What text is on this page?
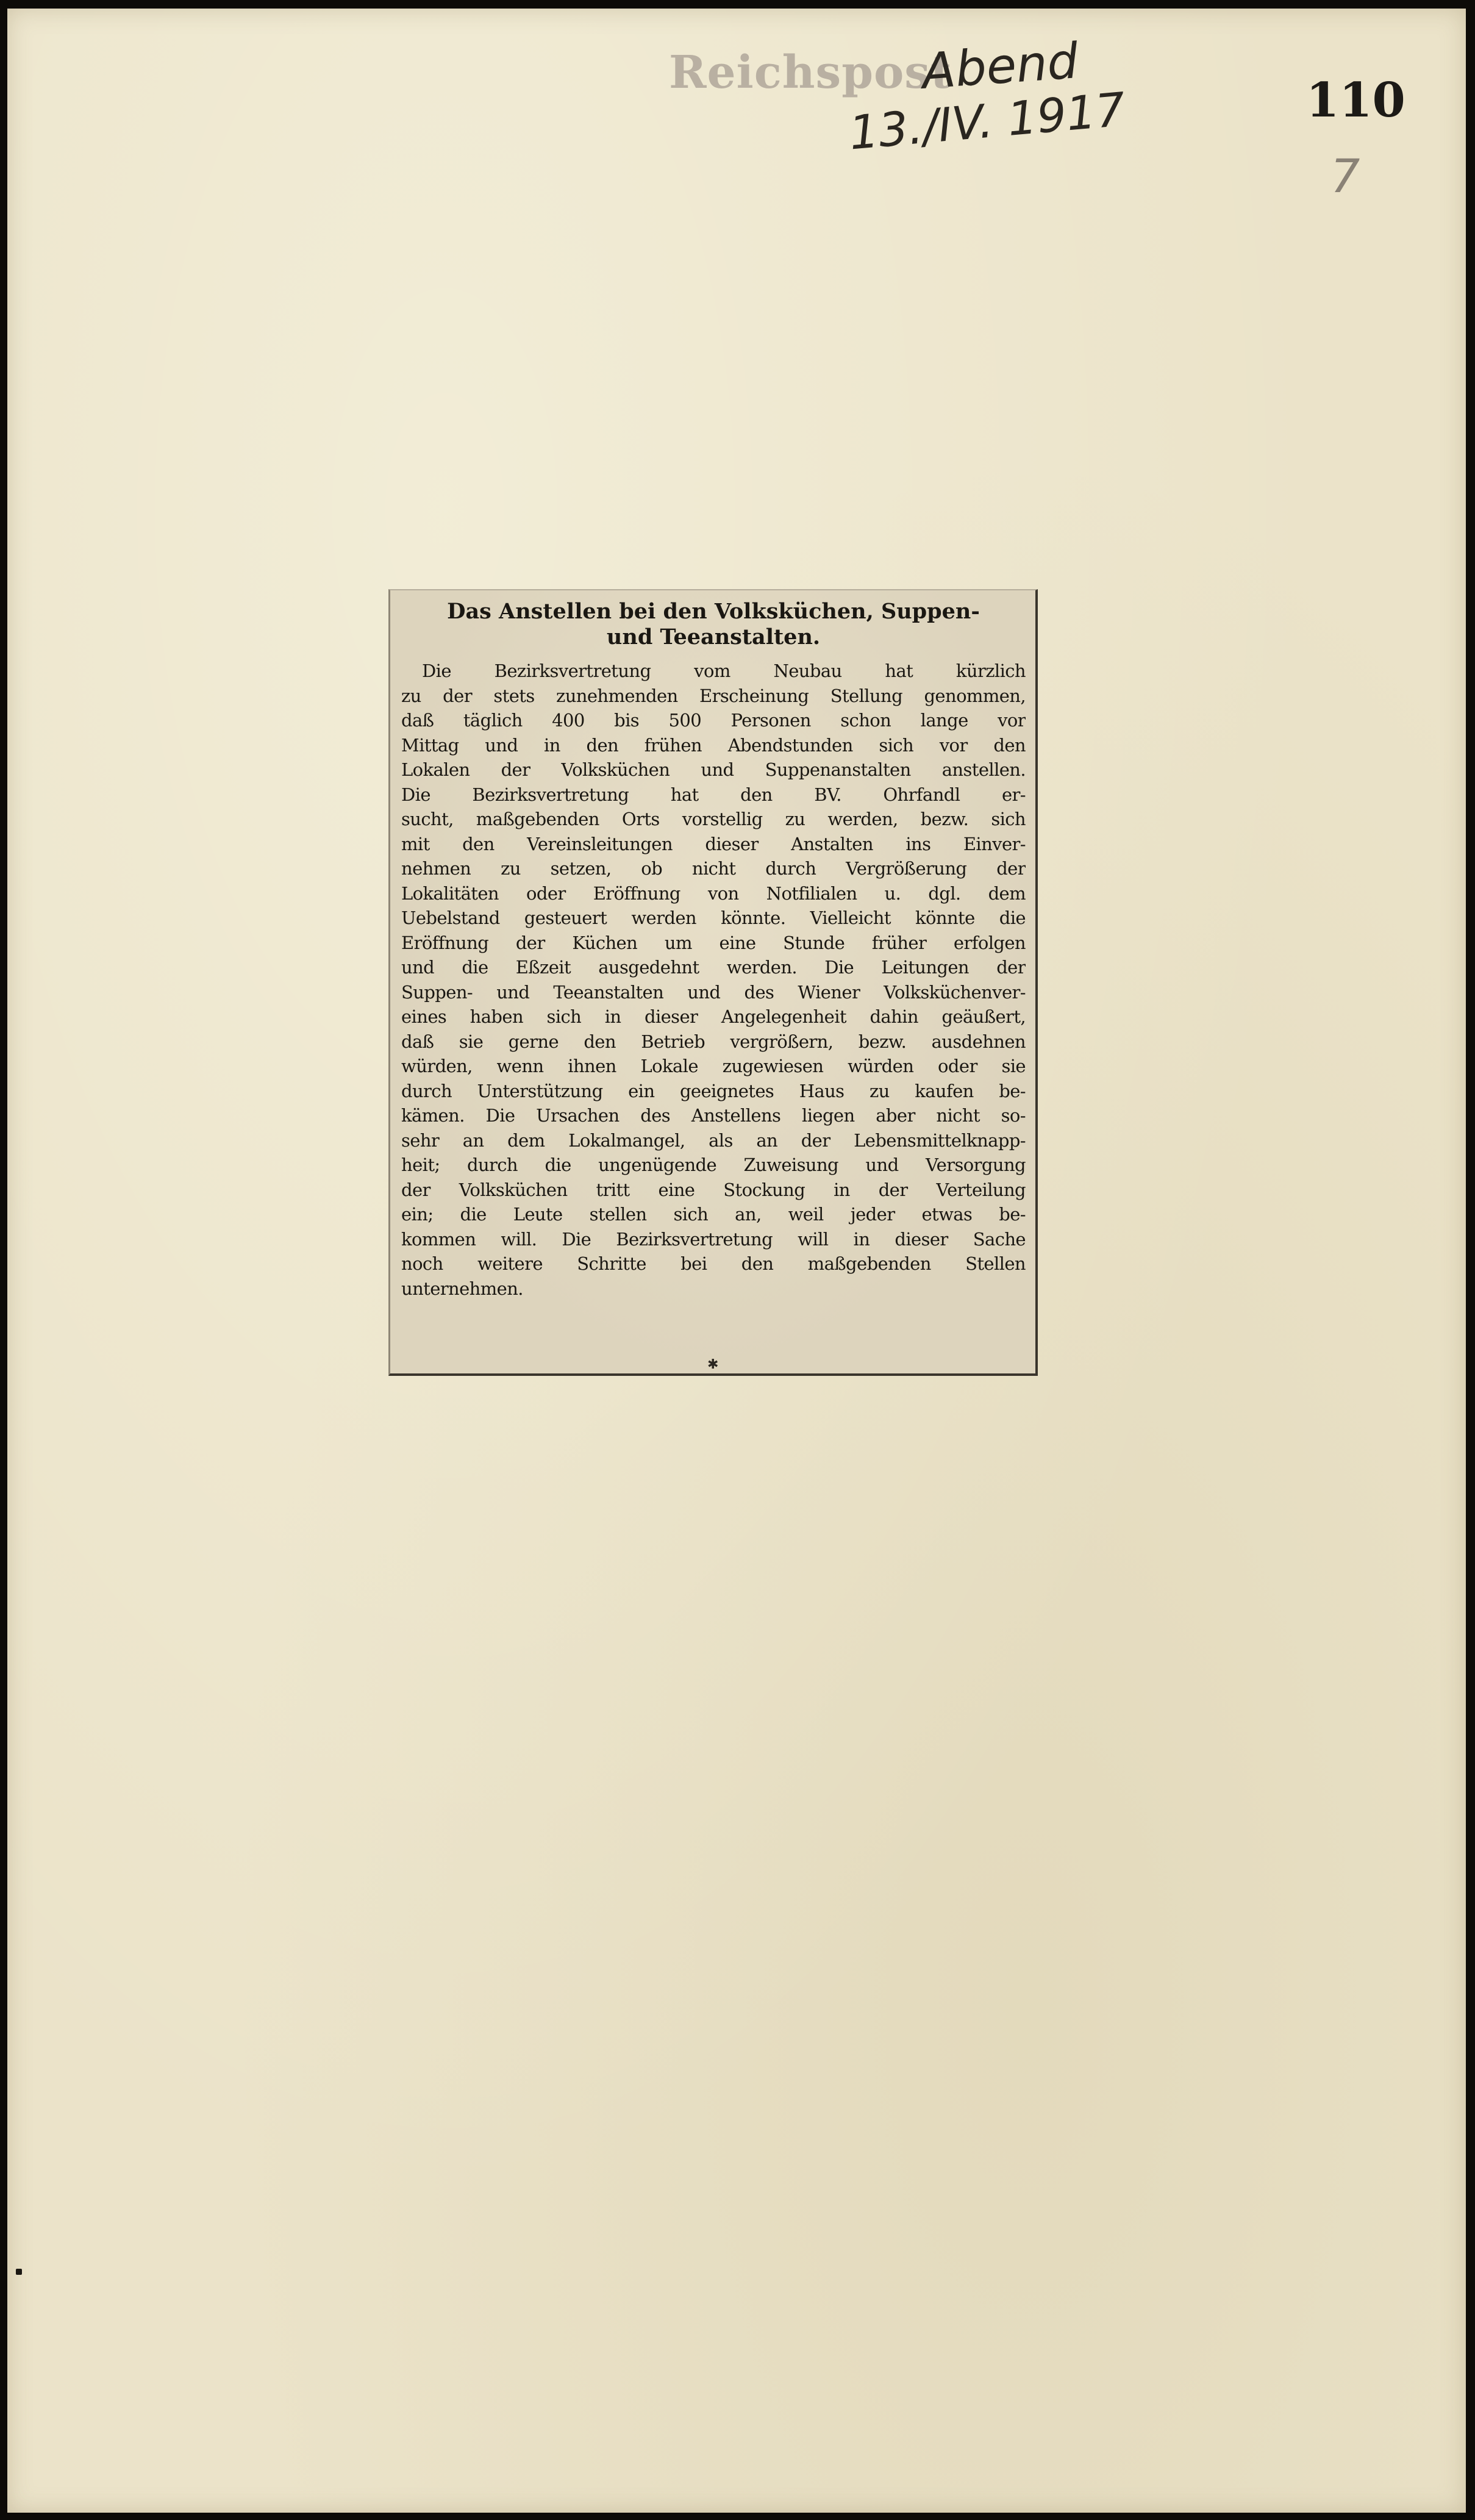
Reichspost
Abend
13./IV. 1917	110
7
Das Anstellen bei den Volksküchen, Suppen-
und Teeanstalten.
Die Bezirksvertretung vom Neubau hat kürzlich
zu der stets zunehmenden Erscheinung Stellung genommen,
daß täglich 400 bis 500 Personen schon lange vor
Mittag und in den frühen Abendstunden sich vor den
Lokalen der Volksküchen und Suppenanstalten anstellen.
Die Bezirksvertretung hat den BV. Ohrfandl er-
sucht, maßgebenden Orts vorstellig zu werden, bezw. sich
mit den Vereinsleitungen dieser Anstalten ins Einver-
nehmen zu setzen, ob nicht durch Vergrößerung der
Lokalitäten oder Eröffnung von Notfilialen u. dgl. dem
Uebelstand gesteuert werden könnte. Vielleicht könnte die
Eröffnung der Küchen um eine Stunde früher erfolgen
und die Eßzeit ausgedehnt werden. Die Leitungen der
Suppen- und Teeanstalten und des Wiener Volksküchenver-
eines haben sich in dieser Angelegenheit dahin geäußert,
daß sie gerne den Betrieb vergrößern, bezw. ausdehnen
würden, wenn ihnen Lokale zugewiesen würden oder sie
durch Unterstützung ein geeignetes Haus zu kaufen be-
kämen. Die Ursachen des Anstellens liegen aber nicht so-
sehr an dem Lokalmangel, als an der Lebensmittelknapp-
heit; durch die ungenügende Zuweisung und Versorgung
der Volksküchen tritt eine Stockung in der Verteilung
ein; die Leute stellen sich an, weil jeder etwas be-
kommen will. Die Bezirksvertretung will in dieser Sache
noch weitere Schritte bei den maßgebenden Stellen
unternehmen.
✱
